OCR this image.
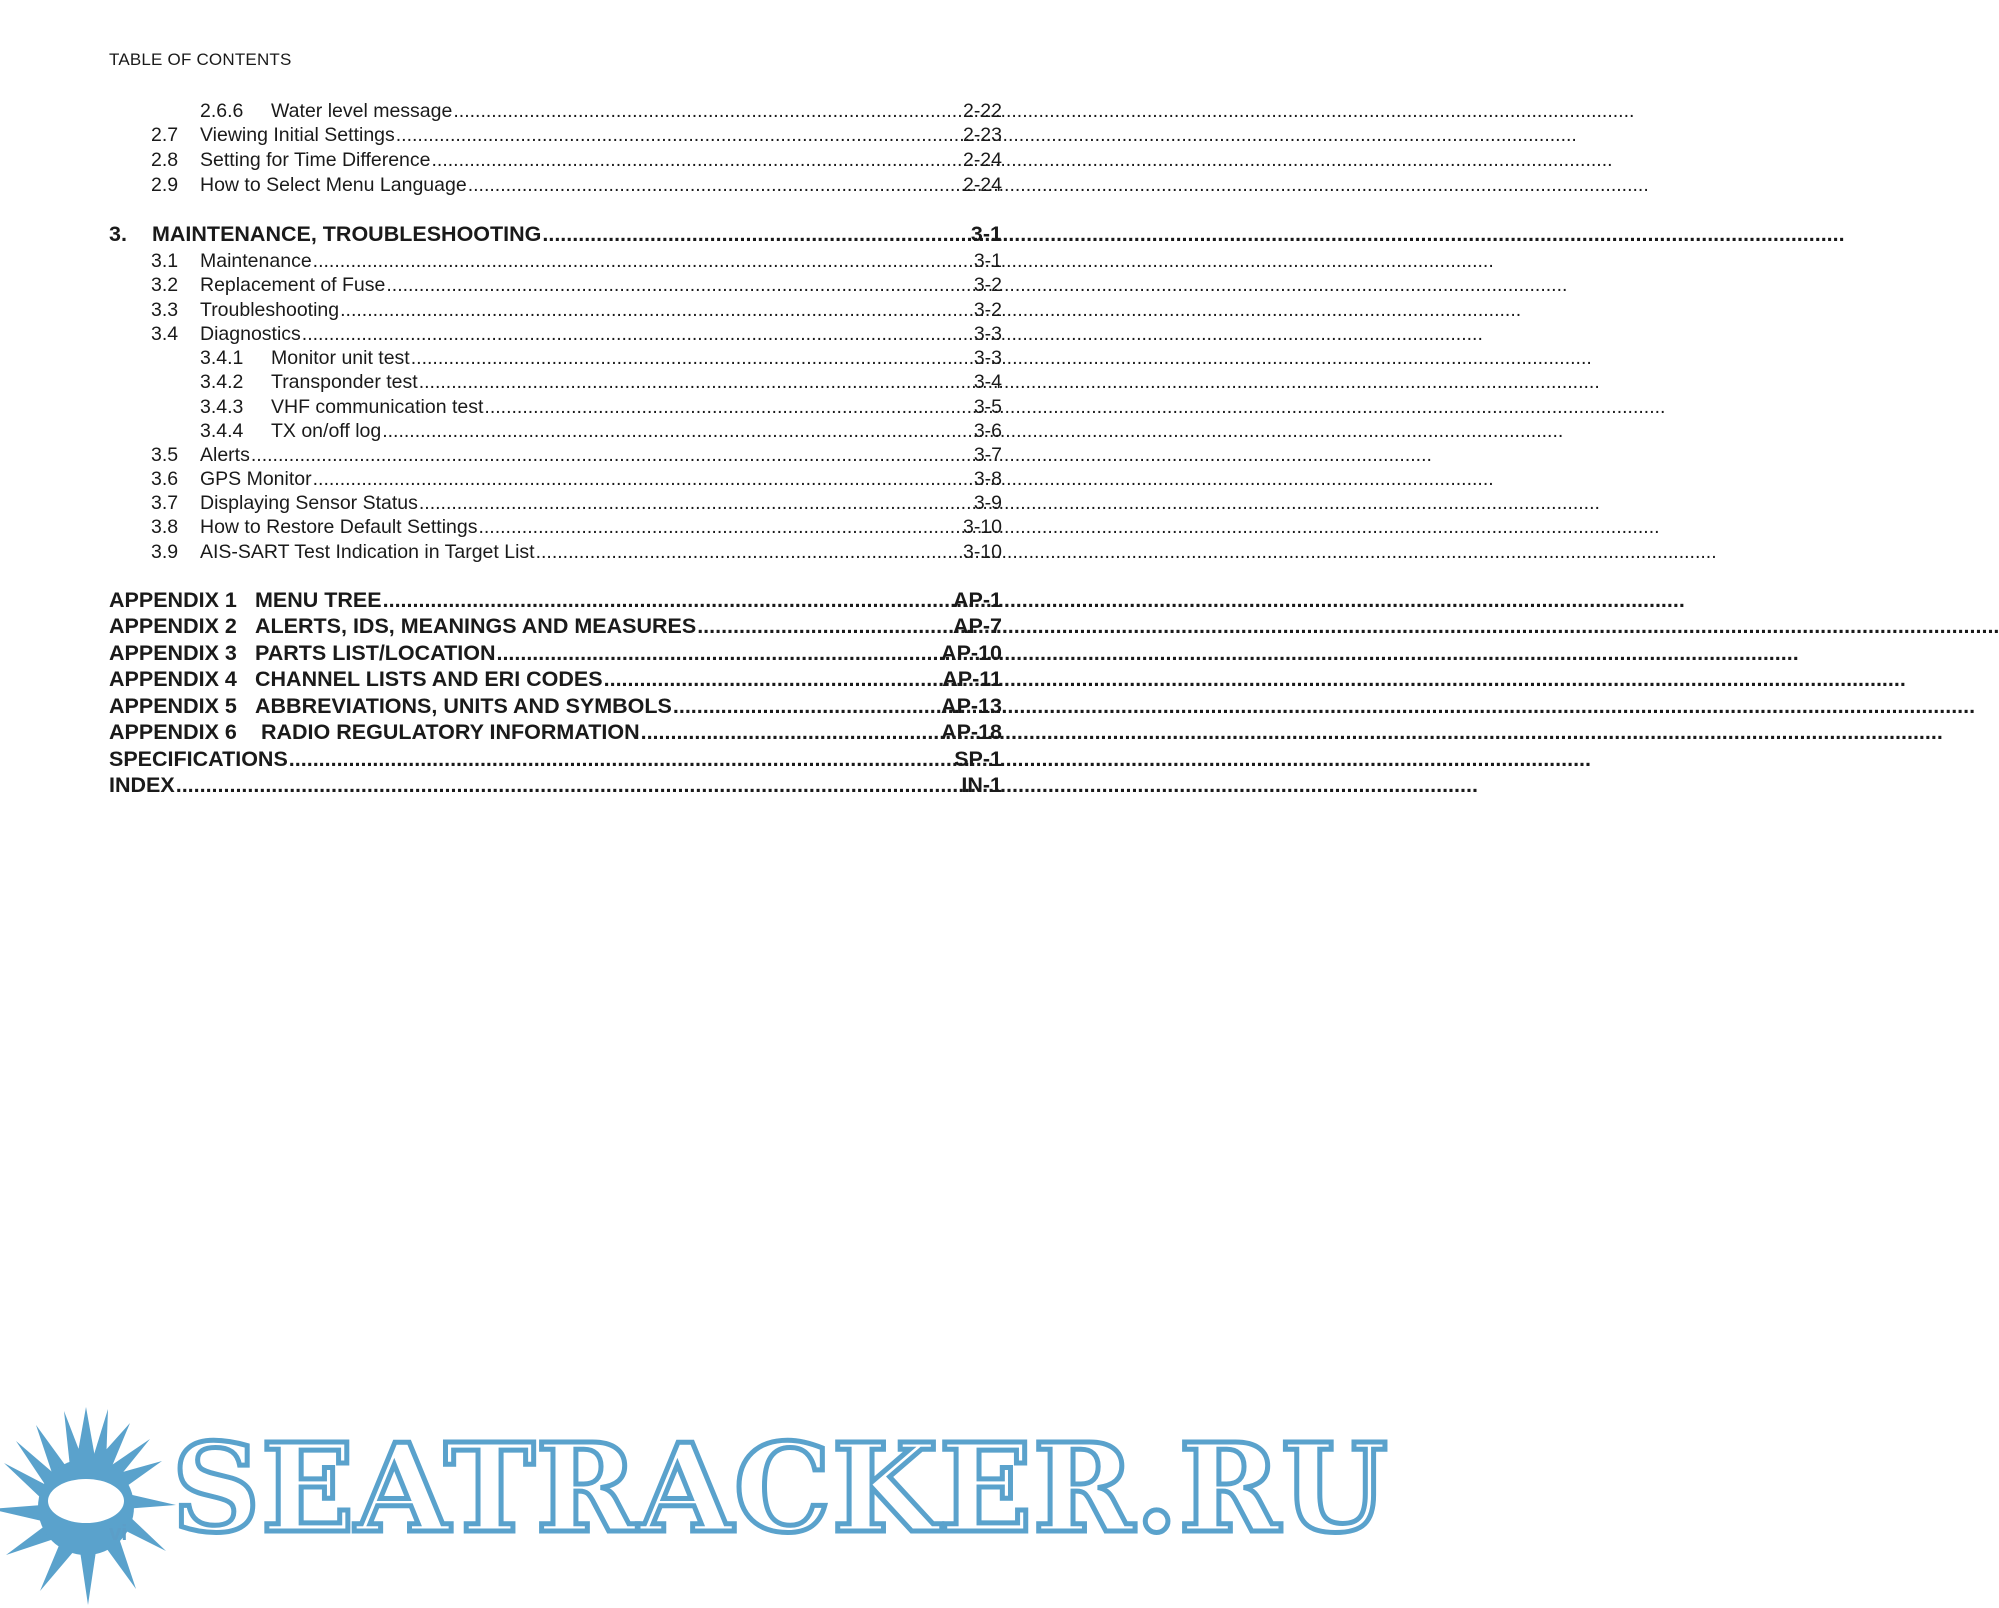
TABLE OF CONTENTS
2.6.6	Water level message .....	2-22
2.7	Viewing Initial Settings .....	2-23
2.8	Setting for Time Difference .....	2-24
2.9	How to Select Menu Language .....	2-24
3.	MAINTENANCE, TROUBLESHOOTING .....	3-1
3.1	Maintenance .....	3-1
3.2	Replacement of Fuse .....	3-2
3.3	Troubleshooting .....	3-2
3.4	Diagnostics .....	3-3
3.4.1	Monitor unit test .....	3-3
3.4.2	Transponder test .....	3-4
3.4.3	VHF communication test .....	3-5
3.4.4	TX on/off log .....	3-6
3.5	Alerts .....	3-7
3.6	GPS Monitor .....	3-8
3.7	Displaying Sensor Status .....	3-9
3.8	How to Restore Default Settings .....	3-10
3.9	AIS-SART Test Indication in Target List .....	3-10
APPENDIX 1 MENU TREE .....	AP-1
APPENDIX 2 ALERTS, IDS, MEANINGS AND MEASURES .....	AP-7
APPENDIX 3 PARTS LIST/LOCATION .....	AP-10
APPENDIX 4 CHANNEL LISTS AND ERI CODES .....	AP-11
APPENDIX 5 ABBREVIATIONS, UNITS AND SYMBOLS .....	AP-13
APPENDIX 6 RADIO REGULATORY INFORMATION .....	AP-18
SPECIFICATIONS .....	SP-1
INDEX .....	IN-1
vi SEATRACKER.RU
